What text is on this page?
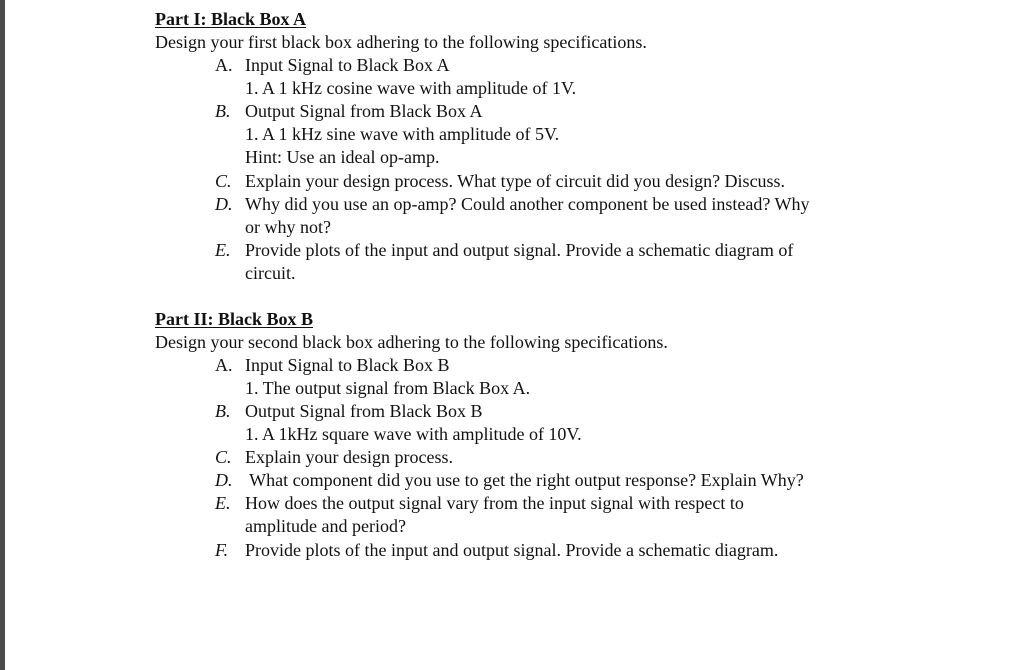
Part I: Black Box A
Design your first black box adhering to the following specifications.
A. Input Signal to Black Box A
1. A 1 kHz cosine wave with amplitude of 1V.
B. Output Signal from Black Box A
1. A 1 kHz sine wave with amplitude of 5V.
Hint: Use an ideal op-amp.
C. Explain your design process. What type of circuit did you design? Discuss.
D. Why did you use an op-amp? Could another component be used instead? Why
or why not?
E. Provide plots of the input and output signal. Provide a schematic diagram of
circuit.
Part II: Black Box B
Design your second black box adhering to the following specifications.
A. Input Signal to Black Box B
1. The output signal from Black Box A.
B. Output Signal from Black Box B
1. A 1kHz square wave with amplitude of 10V.
C. Explain your design process.
D. What component did you use to get the right output response? Explain Why?
E. How does the output signal vary from the input signal with respect to
amplitude and period?
F. Provide plots of the input and output signal. Provide a schematic diagram.
